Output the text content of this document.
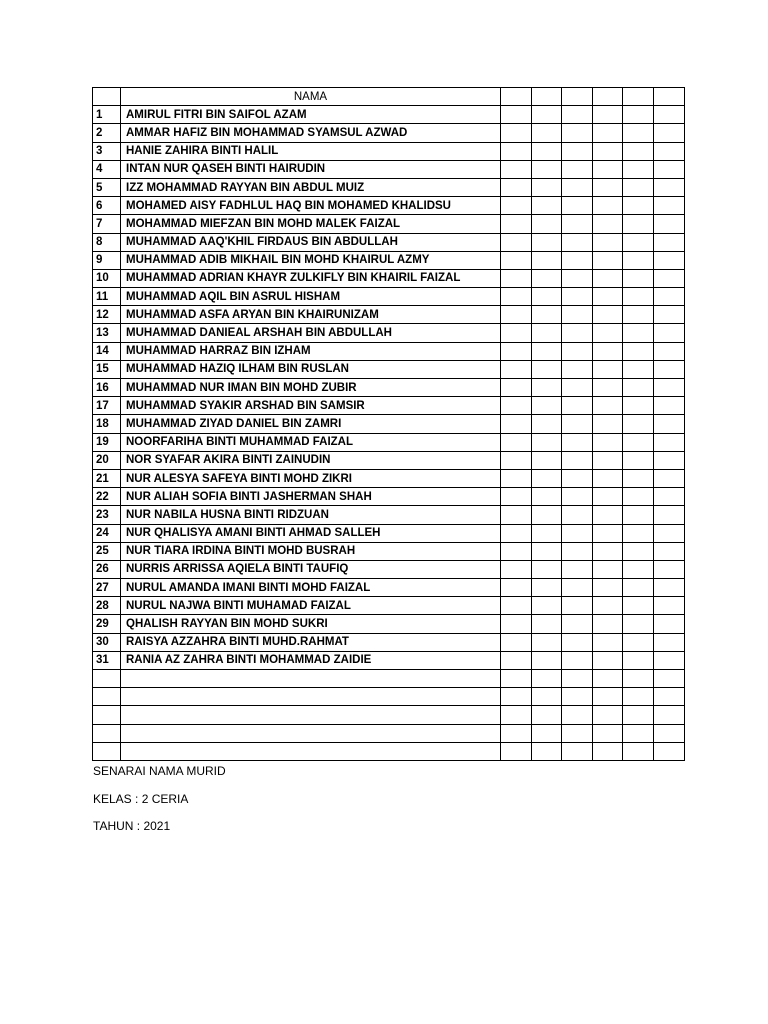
	NAMA						
1	AMIRUL FITRI BIN SAIFOL AZAM						
2	AMMAR HAFIZ BIN MOHAMMAD SYAMSUL AZWAD						
3	HANIE ZAHIRA BINTI HALIL						
4	INTAN NUR QASEH BINTI HAIRUDIN						
5	IZZ MOHAMMAD RAYYAN BIN ABDUL MUIZ						
6	MOHAMED AISY FADHLUL HAQ BIN MOHAMED KHALIDSU						
7	MOHAMMAD MIEFZAN BIN MOHD MALEK FAIZAL						
8	MUHAMMAD AAQ'KHIL FIRDAUS BIN ABDULLAH						
9	MUHAMMAD ADIB MIKHAIL BIN MOHD KHAIRUL AZMY						
10	MUHAMMAD ADRIAN KHAYR ZULKIFLY BIN KHAIRIL FAIZAL						
11	MUHAMMAD AQIL BIN ASRUL HISHAM						
12	MUHAMMAD ASFA ARYAN BIN KHAIRUNIZAM						
13	MUHAMMAD DANIEAL ARSHAH BIN ABDULLAH						
14	MUHAMMAD HARRAZ BIN IZHAM						
15	MUHAMMAD HAZIQ ILHAM BIN RUSLAN						
16	MUHAMMAD NUR IMAN BIN MOHD ZUBIR						
17	MUHAMMAD SYAKIR ARSHAD BIN SAMSIR						
18	MUHAMMAD ZIYAD DANIEL BIN ZAMRI						
19	NOORFARIHA BINTI MUHAMMAD FAIZAL						
20	NOR SYAFAR AKIRA BINTI ZAINUDIN						
21	NUR ALESYA SAFEYA BINTI MOHD ZIKRI						
22	NUR ALIAH SOFIA BINTI JASHERMAN SHAH						
23	NUR NABILA HUSNA BINTI RIDZUAN						
24	NUR QHALISYA AMANI BINTI AHMAD SALLEH						
25	NUR TIARA IRDINA BINTI MOHD BUSRAH						
26	NURRIS ARRISSA AQIELA BINTI TAUFIQ						
27	NURUL AMANDA IMANI BINTI MOHD FAIZAL						
28	NURUL NAJWA BINTI MUHAMAD FAIZAL						
29	QHALISH RAYYAN BIN MOHD SUKRI						
30	RAISYA AZZAHRA BINTI MUHD.RAHMAT						
31	RANIA AZ ZAHRA BINTI MOHAMMAD ZAIDIE						

SENARAI NAMA MURID

KELAS : 2 CERIA

TAHUN : 2021
